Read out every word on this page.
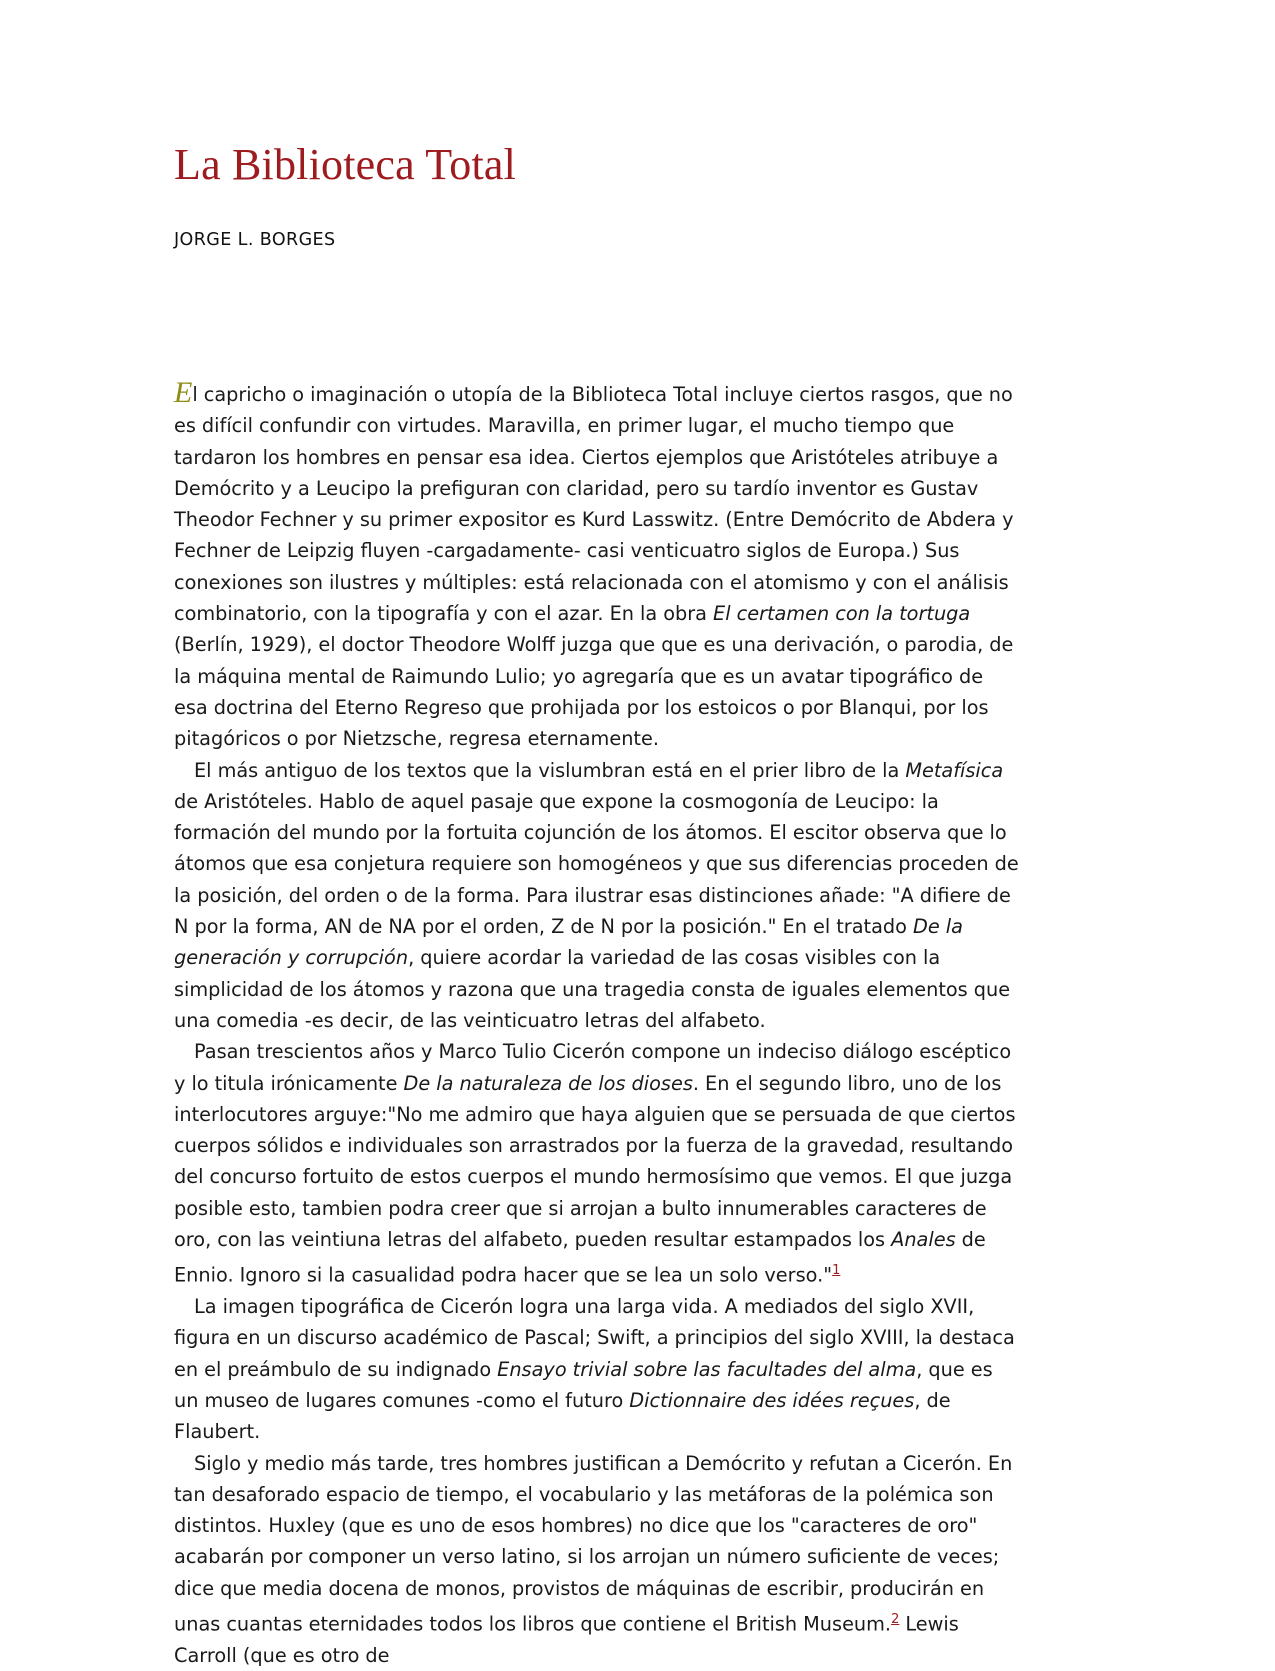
La Biblioteca Total
JORGE L. BORGES

El capricho o imaginación o utopía de la Biblioteca Total incluye ciertos rasgos, que no es difícil confundir con virtudes. Maravilla, en primer lugar, el mucho tiempo que tardaron los hombres en pensar esa idea. Ciertos ejemplos que Aristóteles atribuye a Demócrito y a Leucipo la prefiguran con claridad, pero su tardío inventor es Gustav Theodor Fechner y su primer expositor es Kurd Lasswitz. (Entre Demócrito de Abdera y Fechner de Leipzig fluyen -cargadamente- casi venticuatro siglos de Europa.) Sus conexiones son ilustres y múltiples: está relacionada con el atomismo y con el análisis combinatorio, con la tipografía y con el azar. En la obra El certamen con la tortuga (Berlín, 1929), el doctor Theodore Wolff juzga que que es una derivación, o parodia, de la máquina mental de Raimundo Lulio; yo agregaría que es un avatar tipográfico de esa doctrina del Eterno Regreso que prohijada por los estoicos o por Blanqui, por los pitagóricos o por Nietzsche, regresa eternamente.

El más antiguo de los textos que la vislumbran está en el prier libro de la Metafísica de Aristóteles. Hablo de aquel pasaje que expone la cosmogonía de Leucipo: la formación del mundo por la fortuita cojunción de los átomos. El escitor observa que lo átomos que esa conjetura requiere son homogéneos y que sus diferencias proceden de la posición, del orden o de la forma. Para ilustrar esas distinciones añade: "A difiere de N por la forma, AN de NA por el orden, Z de N por la posición." En el tratado De la generación y corrupción, quiere acordar la variedad de las cosas visibles con la simplicidad de los átomos y razona que una tragedia consta de iguales elementos que una comedia -es decir, de las veinticuatro letras del alfabeto.

Pasan trescientos años y Marco Tulio Cicerón compone un indeciso diálogo escéptico y lo titula irónicamente De la naturaleza de los dioses. En el segundo libro, uno de los interlocutores arguye:"No me admiro que haya alguien que se persuada de que ciertos cuerpos sólidos e individuales son arrastrados por la fuerza de la gravedad, resultando del concurso fortuito de estos cuerpos el mundo hermosísimo que vemos. El que juzga posible esto, tambien podra creer que si arrojan a bulto innumerables caracteres de oro, con las veintiuna letras del alfabeto, pueden resultar estampados los Anales de Ennio. Ignoro si la casualidad podra hacer que se lea un solo verso."$^1$

La imagen tipográfica de Cicerón logra una larga vida. A mediados del siglo XVII, figura en un discurso académico de Pascal; Swift, a principios del siglo XVIII, la destaca en el preámbulo de su indignado Ensayo trivial sobre las facultades del alma, que es un museo de lugares comunes -como el futuro Dictionnaire des idées reçues, de Flaubert.

Siglo y medio más tarde, tres hombres justifican a Demócrito y refutan a Cicerón. En tan desaforado espacio de tiempo, el vocabulario y las metáforas de la polémica son distintos. Huxley (que es uno de esos hombres) no dice que los "caracteres de oro" acabarán por componer un verso latino, si los arrojan un número suficiente de veces; dice que media docena de monos, provistos de máquinas de escribir, producirán en unas cuantas eternidades todos los libros que contiene el British Museum.$^2$ Lewis Carroll (que es otro de
